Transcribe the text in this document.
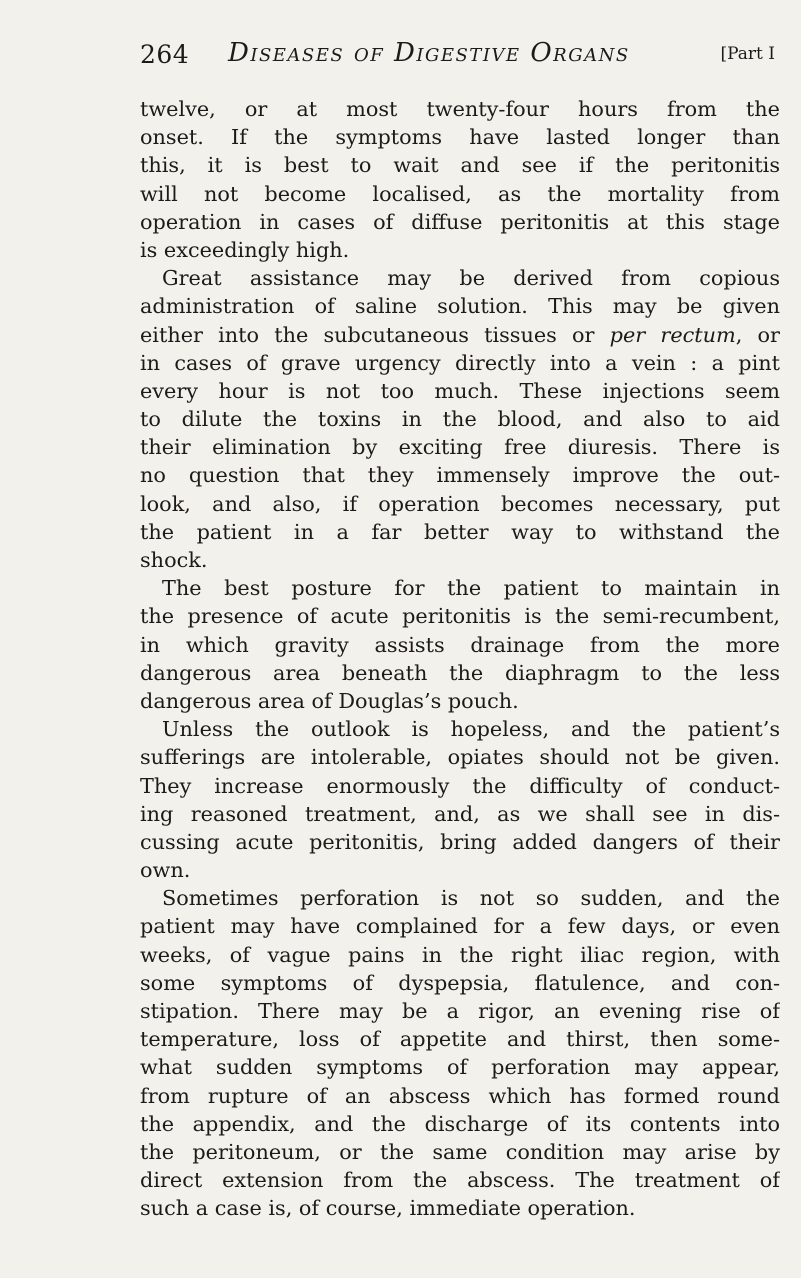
264 Diseases of Digestive Organs	[Part I
twelve, or at most twenty-four hours from the
onset. If the symptoms have lasted longer than
this, it is best to wait and see if the peritonitis
will not become localised, as the mortality from
operation in cases of diffuse peritonitis at this stage
is exceedingly high.
Great assistance may be derived from copious
administration of saline solution. This may be given
either into the subcutaneous tissues or per rectum, or
in cases of grave urgency directly into a vein : a pint
every hour is not too much. These injections seem
to dilute the toxins in the blood, and also to aid
their elimination by exciting free diuresis. There is
no question that they immensely improve the out-
look, and also, if operation becomes necessary, put
the patient in a far better way to withstand the
shock.
The best posture for the patient to maintain in
the presence of acute peritonitis is the semi-recumbent,
in which gravity assists drainage from the more
dangerous area beneath the diaphragm to the less
dangerous area of Douglas’s pouch.
Unless the outlook is hopeless, and the patient’s
sufferings are intolerable, opiates should not be given.
They increase enormously the difficulty of conduct-
ing reasoned treatment, and, as we shall see in dis-
cussing acute peritonitis, bring added dangers of their
own.
Sometimes perforation is not so sudden, and the
patient may have complained for a few days, or even
weeks, of vague pains in the right iliac region, with
some symptoms of dyspepsia, flatulence, and con-
stipation. There may be a rigor, an evening rise of
temperature, loss of appetite and thirst, then some-
what sudden symptoms of perforation may appear,
from rupture of an abscess which has formed round
the appendix, and the discharge of its contents into
the peritoneum, or the same condition may arise by
direct extension from the abscess. The treatment of
such a case is, of course, immediate operation.
